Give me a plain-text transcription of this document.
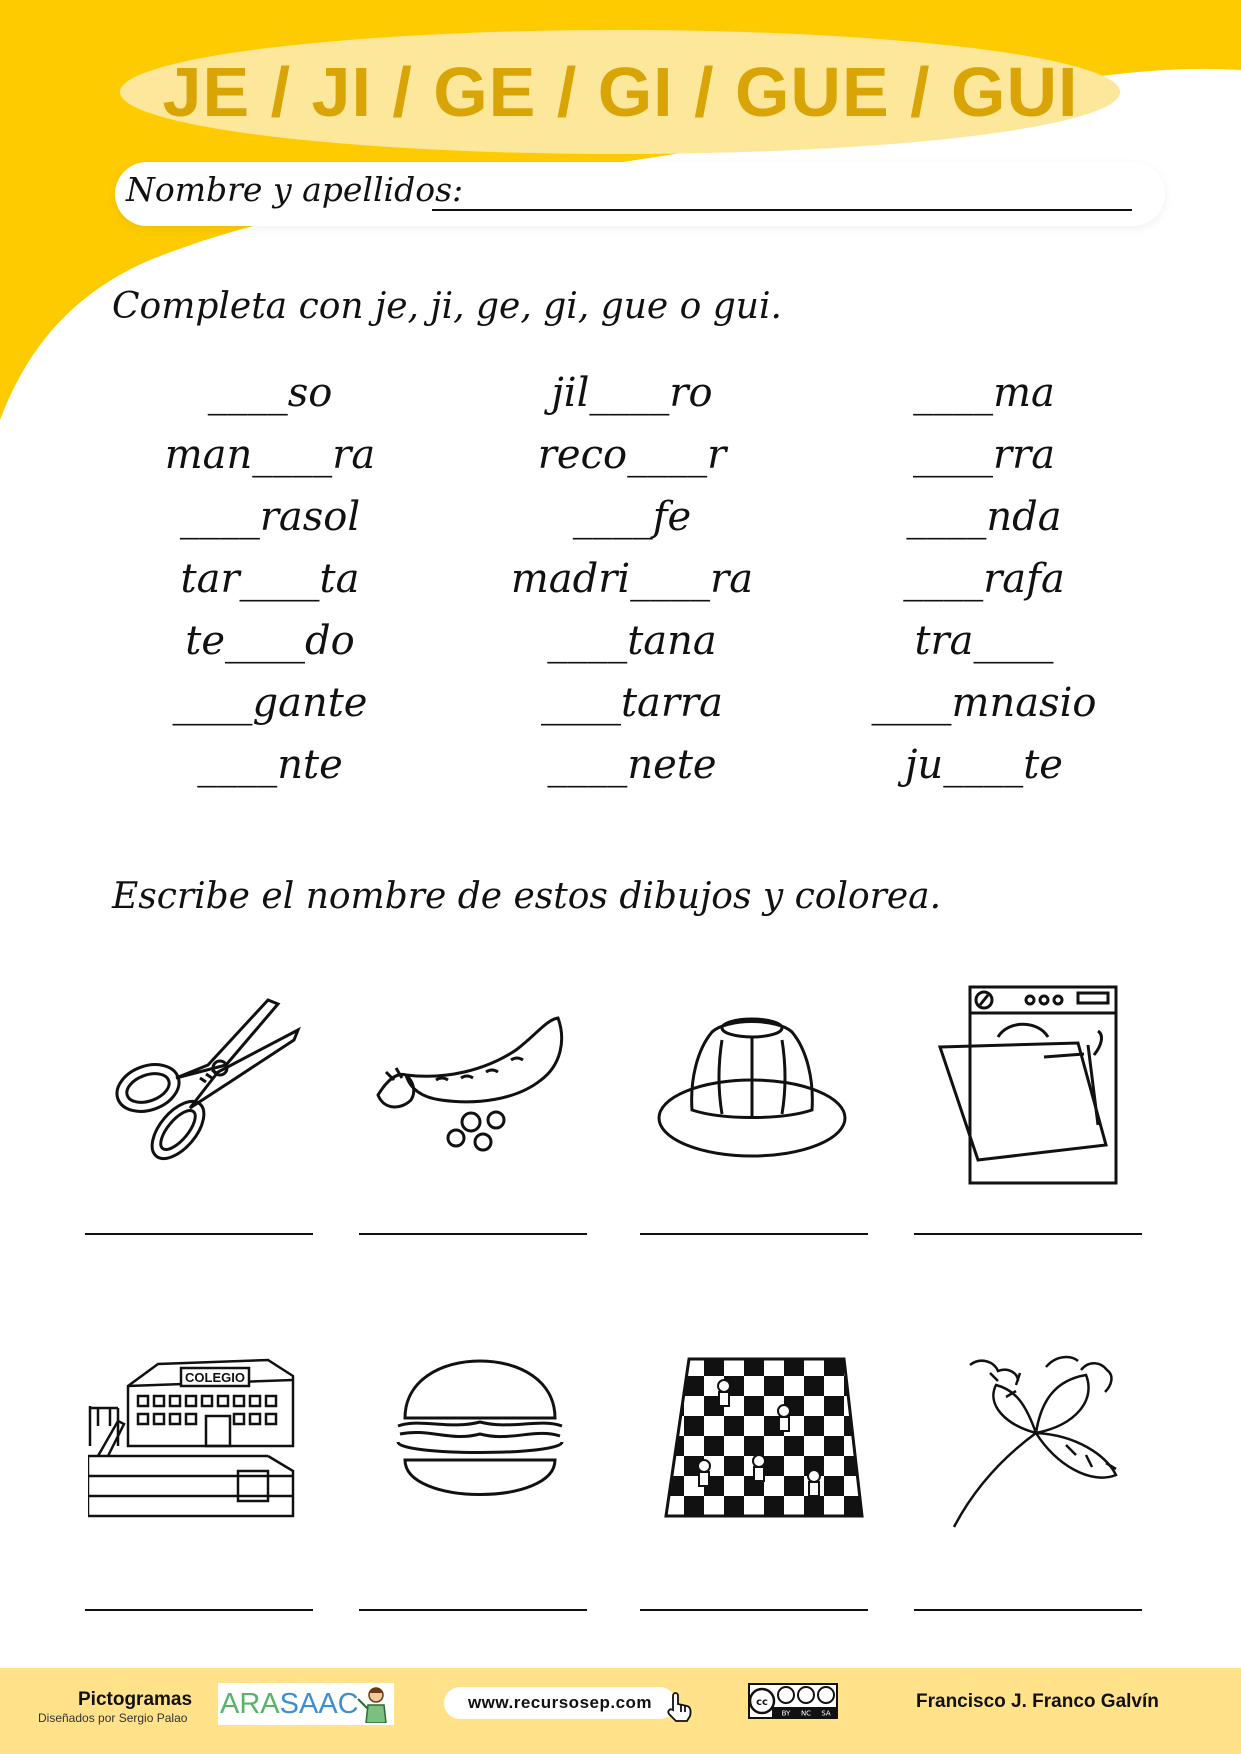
JE / JI / GE / GI / GUE / GUI
Nombre y apellidos:
Completa con je, ji, ge, gi, gue o gui.
____so
man____ra
____rasol
tar____ta
te____do
____gante
____nte
jil____ro
reco____r
____fe
madri____ra
____tana
____tarra
____nete
____ma
____rra
____nda
____rafa
tra____
____mnasio
ju____te
Escribe el nombre de estos dibujos y colorea.
COLEGIO
Pictogramas
Diseñados por Sergio Palao ARASAAC	www.recursosep.com	cc
BY NC SA
Francisco J. Franco Galvín
